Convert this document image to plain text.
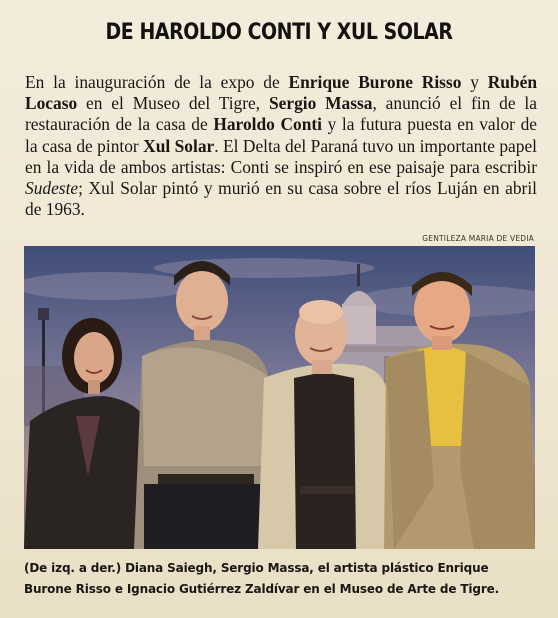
DE HAROLDO CONTI Y XUL SOLAR
En la inauguración de la expo de Enrique Burone Risso y Rubén Locaso en el Museo del Tigre, Sergio Massa, anunció el fin de la restauración de la casa de Haroldo Conti y la futura puesta en valor de la casa de pintor Xul Solar. El Delta del Paraná tuvo un importante papel en la vida de ambos artistas: Conti se inspiró en ese paisaje para escribir Sudeste; Xul Solar pintó y murió en su casa sobre el ríos Luján en abril de 1963.
GENTILEZA MARIA DE VEDIA
(De izq. a der.) Diana Saiegh, Sergio Massa, el artista plástico Enrique Burone Risso e Ignacio Gutiérrez Zaldívar en el Museo de Arte de Tigre.
